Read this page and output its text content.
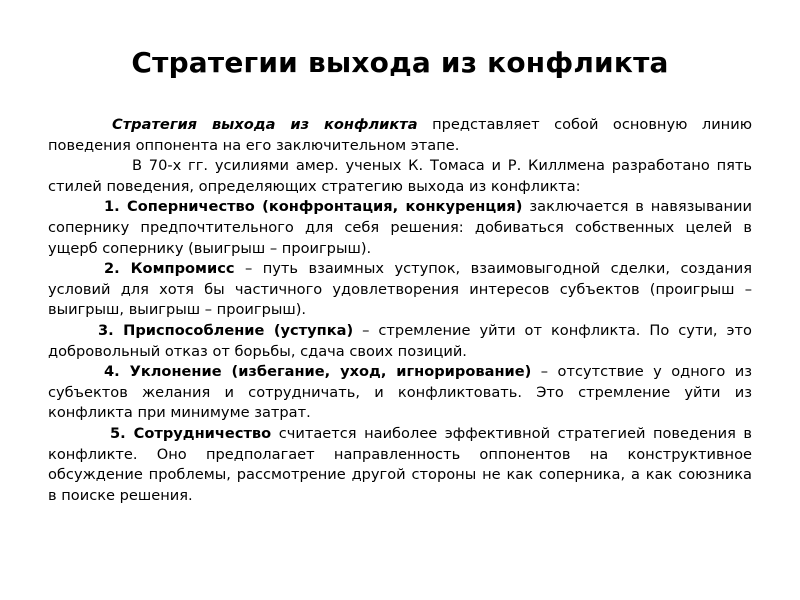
Стратегии выхода из конфликта

Стратегия выхода из конфликта представляет собой основную линию поведения оппонента на его заключительном этапе.

В 70-х гг. усилиями амер. ученых К. Томаса и Р. Киллмена разработано пять стилей поведения, определяющих стратегию выхода из конфликта:

1. Соперничество (конфронтация, конкуренция) заключается в навязывании сопернику предпочтительного для себя решения: добиваться собственных целей в ущерб сопернику (выигрыш – проигрыш).

2. Компромисс – путь взаимных уступок, взаимовыгодной сделки, создания условий для хотя бы частичного удовлетворения интересов субъектов (проигрыш – выигрыш, выигрыш – проигрыш).

3. Приспособление (уступка) – стремление уйти от конфликта. По сути, это добровольный отказ от борьбы, сдача своих позиций.

4. Уклонение (избегание, уход, игнорирование) – отсутствие у одного из субъектов желания и сотрудничать, и конфликтовать. Это стремление уйти из конфликта при минимуме затрат.

5. Сотрудничество считается наиболее эффективной стратегией поведения в конфликте. Оно предполагает направленность оппонентов на конструктивное обсуждение проблемы, рассмотрение другой стороны не как соперника, а как союзника в поиске решения.
